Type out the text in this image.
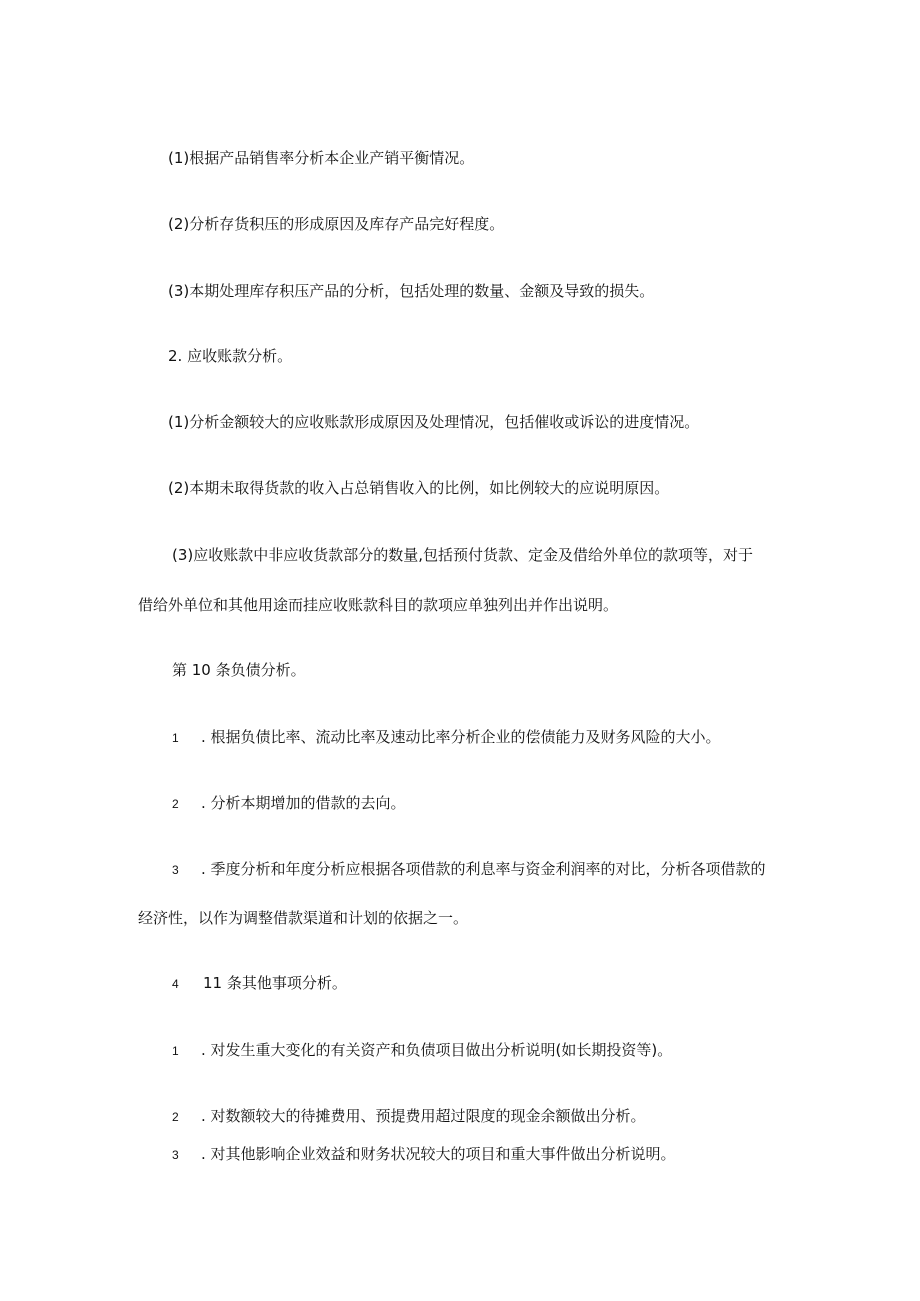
(1)根据产品销售率分析本企业产销平衡情况。
(2)分析存货积压的形成原因及库存产品完好程度。
(3)本期处理库存积压产品的分析，包括处理的数量、金额及导致的损失。
2. 应收账款分析。
(1)分析金额较大的应收账款形成原因及处理情况，包括催收或诉讼的进度情况。
(2)本期未取得货款的收入占总销售收入的比例，如比例较大的应说明原因。
(3)应收账款中非应收货款部分的数量,包括预付货款、定金及借给外单位的款项等，对于
借给外单位和其他用途而挂应收账款科目的款项应单独列出并作出说明。
第 10 条负债分析。
1 . 根据负债比率、流动比率及速动比率分析企业的偿债能力及财务风险的大小。
2 . 分析本期增加的借款的去向。
3 . 季度分析和年度分析应根据各项借款的利息率与资金利润率的对比，分析各项借款的
经济性，以作为调整借款渠道和计划的依据之一。
4 11 条其他事项分析。
1 . 对发生重大变化的有关资产和负债项目做出分析说明(如长期投资等)。
2 . 对数额较大的待摊费用、预提费用超过限度的现金余额做出分析。
3 . 对其他影响企业效益和财务状况较大的项目和重大事件做出分析说明。
